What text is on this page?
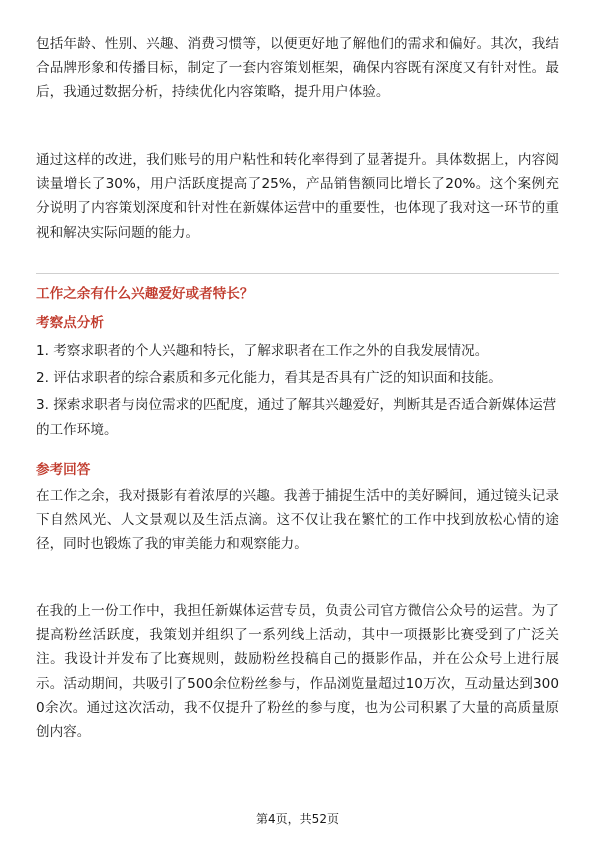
包括年龄、性别、兴趣、消费习惯等，以便更好地了解他们的需求和偏好。其次，我结合品牌形象和传播目标，制定了一套内容策划框架，确保内容既有深度又有针对性。最后，我通过数据分析，持续优化内容策略，提升用户体验。

通过这样的改进，我们账号的用户粘性和转化率得到了显著提升。具体数据上，内容阅读量增长了30%，用户活跃度提高了25%，产品销售额同比增长了20%。这个案例充分说明了内容策划深度和针对性在新媒体运营中的重要性，也体现了我对这一环节的重视和解决实际问题的能力。

工作之余有什么兴趣爱好或者特长？
考察点分析
1. 考察求职者的个人兴趣和特长，了解求职者在工作之外的自我发展情况。
2. 评估求职者的综合素质和多元化能力，看其是否具有广泛的知识面和技能。
3. 探索求职者与岗位需求的匹配度，通过了解其兴趣爱好，判断其是否适合新媒体运营的工作环境。
参考回答

在工作之余，我对摄影有着浓厚的兴趣。我善于捕捉生活中的美好瞬间，通过镜头记录下自然风光、人文景观以及生活点滴。这不仅让我在繁忙的工作中找到放松心情的途径，同时也锻炼了我的审美能力和观察能力。

在我的上一份工作中，我担任新媒体运营专员，负责公司官方微信公众号的运营。为了提高粉丝活跃度，我策划并组织了一系列线上活动，其中一项摄影比赛受到了广泛关注。我设计并发布了比赛规则，鼓励粉丝投稿自己的摄影作品，并在公众号上进行展示。活动期间，共吸引了500余位粉丝参与，作品浏览量超过10万次，互动量达到3000余次。通过这次活动，我不仅提升了粉丝的参与度，也为公司积累了大量的高质量原创内容。

第4页，共52页
